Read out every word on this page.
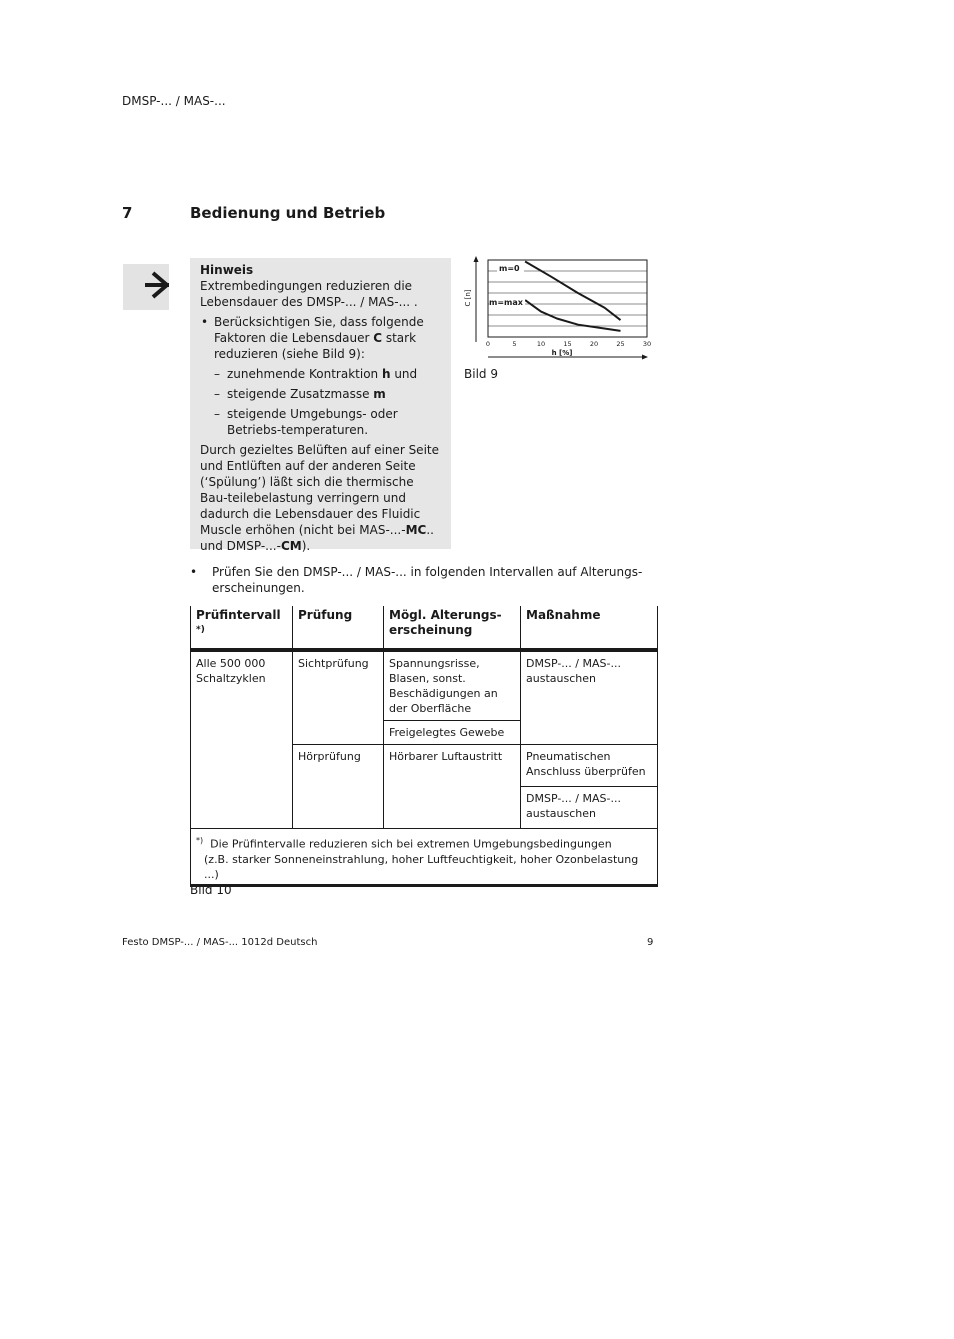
DMSP-... / MAS-...
7	Bedienung und Betrieb

Hinweis

Extrembedingungen reduzieren die Lebensdauer des DMSP-... / MAS-... .

• Berücksichtigen Sie, dass folgende Faktoren die Lebensdauer C stark reduzieren (siehe Bild 9):
– zunehmende Kontraktion h und
– steigende Zusatzmasse m
– steigende Umgebungs- oder Betriebs-temperaturen.

Durch gezieltes Belüften auf einer Seite und Entlüften auf der anderen Seite (‘Spülung’) läßt sich die thermische Bau-teilebelastung verringern und dadurch die Lebensdauer des Fluidic Muscle erhöhen (nicht bei MAS-...-MC.. und DMSP-...-CM).

C [n]
h [%]
0	5	10	15	20	25	30
m=0
m=max
Bild 9
•	Prüfen Sie den DMSP-... / MAS-... in folgenden Intervallen auf Alterungs-erscheinungen.
Prüfintervall *)	Prüfung	Mögl. Alterungs-erscheinung	Maßnahme
Alle 500 000 Schaltzyklen	Sichtprüfung	Spannungsrisse, Blasen, sonst. Beschädigungen an der Oberfläche	DMSP-... / MAS-... austauschen
		Freigelegtes Gewebe	
	Hörprüfung	Hörbarer Luftaustritt	Pneumatischen Anschluss überprüfen
			DMSP-... / MAS-... austauschen

*) Die Prüfintervalle reduzieren sich bei extremen Umgebungsbedingungen
(z.B. starker Sonneneinstrahlung, hoher Luftfeuchtigkeit, hoher Ozonbelastung ...)			
Bild 10
Festo DMSP-... / MAS-... 1012d Deutsch	9
